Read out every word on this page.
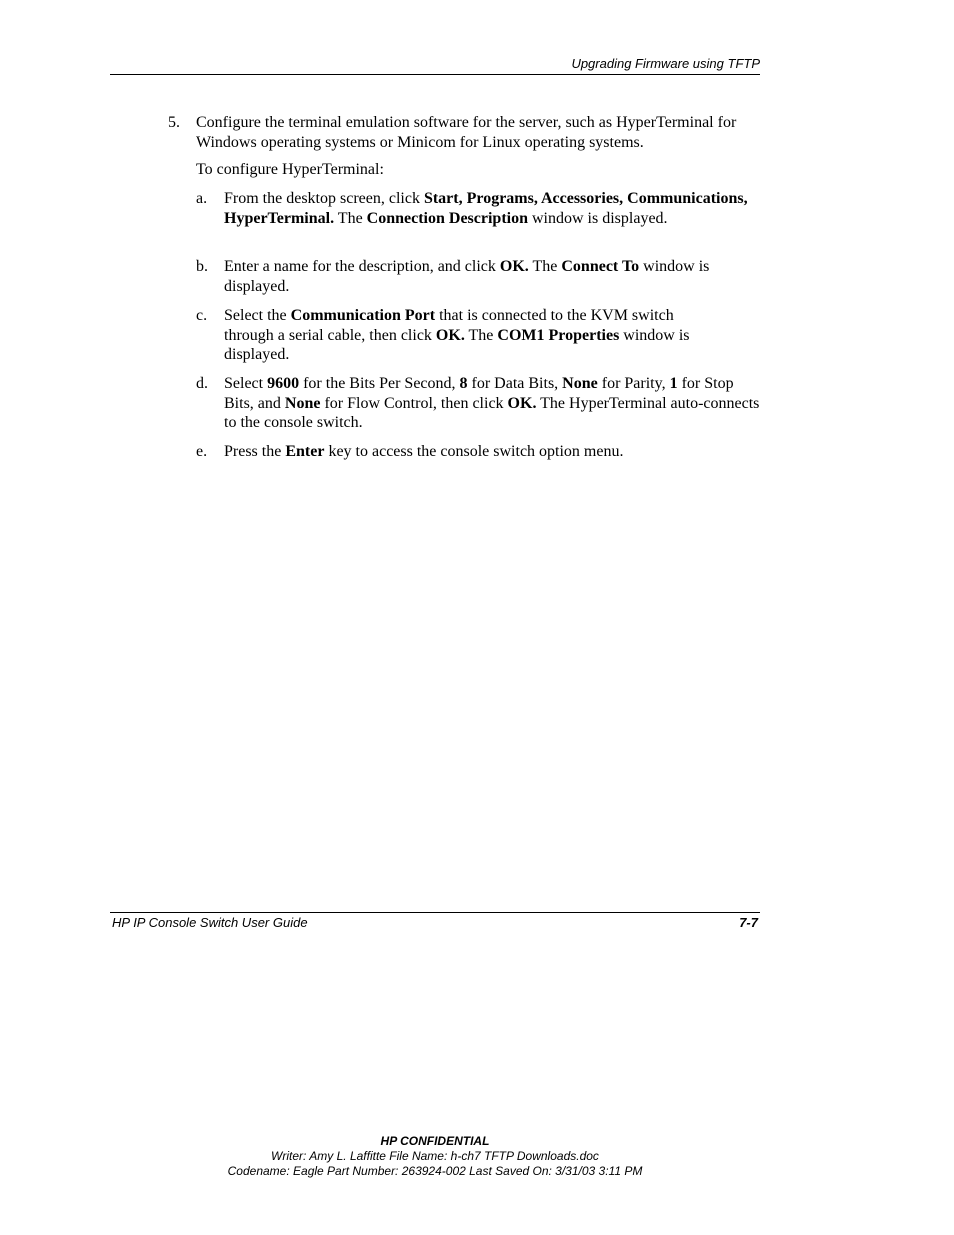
Upgrading Firmware using TFTP
5. Configure the terminal emulation software for the server, such as HyperTerminal for Windows operating systems or Minicom for Linux operating systems.
To configure HyperTerminal:
a. From the desktop screen, click Start, Programs, Accessories, Communications, HyperTerminal. The Connection Description window is displayed.
b. Enter a name for the description, and click OK. The Connect To window is displayed.
c. Select the Communication Port that is connected to the KVM switch through a serial cable, then click OK. The COM1 Properties window is displayed.
d. Select 9600 for the Bits Per Second, 8 for Data Bits, None for Parity, 1 for Stop Bits, and None for Flow Control, then click OK. The HyperTerminal auto-connects to the console switch.
e. Press the Enter key to access the console switch option menu.
HP IP Console Switch User Guide	7-7
HP CONFIDENTIAL
Writer: Amy L. Laffitte File Name: h-ch7 TFTP Downloads.doc
Codename: Eagle Part Number: 263924-002 Last Saved On: 3/31/03 3:11 PM
